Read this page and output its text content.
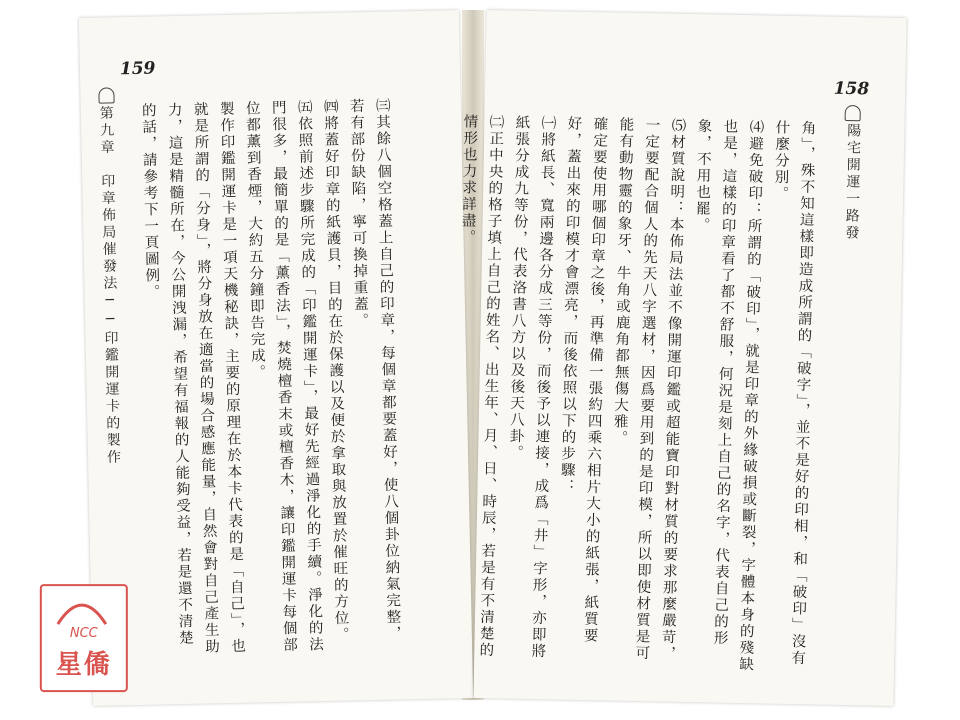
159
第九章　印章佈局催發法──印鑑開運卡的製作	㈢其餘八個空格蓋上自己的印章，每個章都要蓋好，使八個卦位納氣完整，若有部份缺陷，寧可換掉重蓋。

㈣將蓋好印章的紙護貝，目的在於保護以及便於拿取與放置於催旺的方位。

㈤依照前述步驟所完成的「印鑑開運卡」，最好先經過淨化的手續。淨化的法門很多，最簡單的是「薰香法」，焚燒檀香末或檀香木，讓印鑑開運卡每個部位都薰到香煙，大約五分鐘即告完成。

製作印鑑開運卡是一項天機秘訣，主要的原理在於本卡代表的是「自己」，也就是所謂的「分身」，將分身放在適當的場合感應能量，自然會對自己產生助力，這是精髓所在，今公開洩漏，希望有福報的人能夠受益，若是還不清楚的話，請參考下一頁圖例。

NCC
星僑
158
陽宅開運一路發

角」，殊不知這樣即造成所謂的「破字」，並不是好的印相，和「破印」沒有什麼分別。

⑷避免破印：所謂的「破印」，就是印章的外緣破損或斷裂，字體本身的殘缺也是，這樣的印章看了都不舒服，何況是刻上自己的名字，代表自己的形象，不用也罷。

⑸材質說明：本佈局法並不像開運印鑑或超能寶印對材質的要求那麼嚴苛，一定要配合個人的先天八字選材，因爲要用到的是印模，所以即使材質是可能有動物靈的象牙、牛角或鹿角都無傷大雅。

確定要使用哪個印章之後，再準備一張約四乘六相片大小的紙張，紙質要好，蓋出來的印模才會漂亮，而後依照以下的步驟：

㈠將紙長、寬兩邊各分成三等份，而後予以連接，成爲「井」字形，亦即將紙張分成九等份，代表洛書八方以及後天八卦。

㈡正中央的格子填上自己的姓名、出生年、月、日、時辰，若是有不清楚的情形也力求詳盡。
